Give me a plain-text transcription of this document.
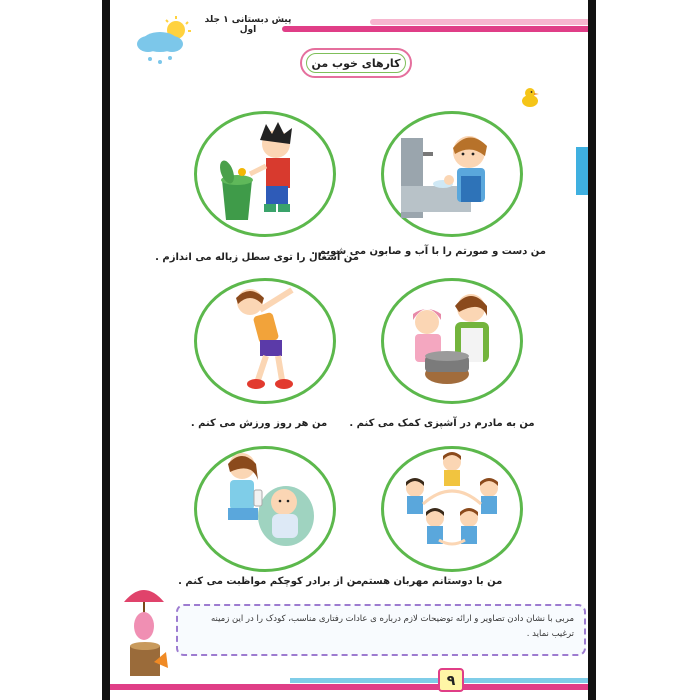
پیش دبستانی ۱ جلد اول
کارهای خوب من
من دست و صورتم را با آب و صابون می شویم .
من آشغال را توی سطل زباله می اندازم .
من به مادرم در آشپزی کمک می کنم .
من هر روز ورزش می کنم .
من با دوستانم مهربان هستم .
من از برادر کوچکم مواظبت می کنم .
مربی با نشان دادن تصاویر و ارائه توضیحات لازم درباره ی عادات رفتاری مناسب، کودک را در این زمینه ترغیب نماید .
۹
